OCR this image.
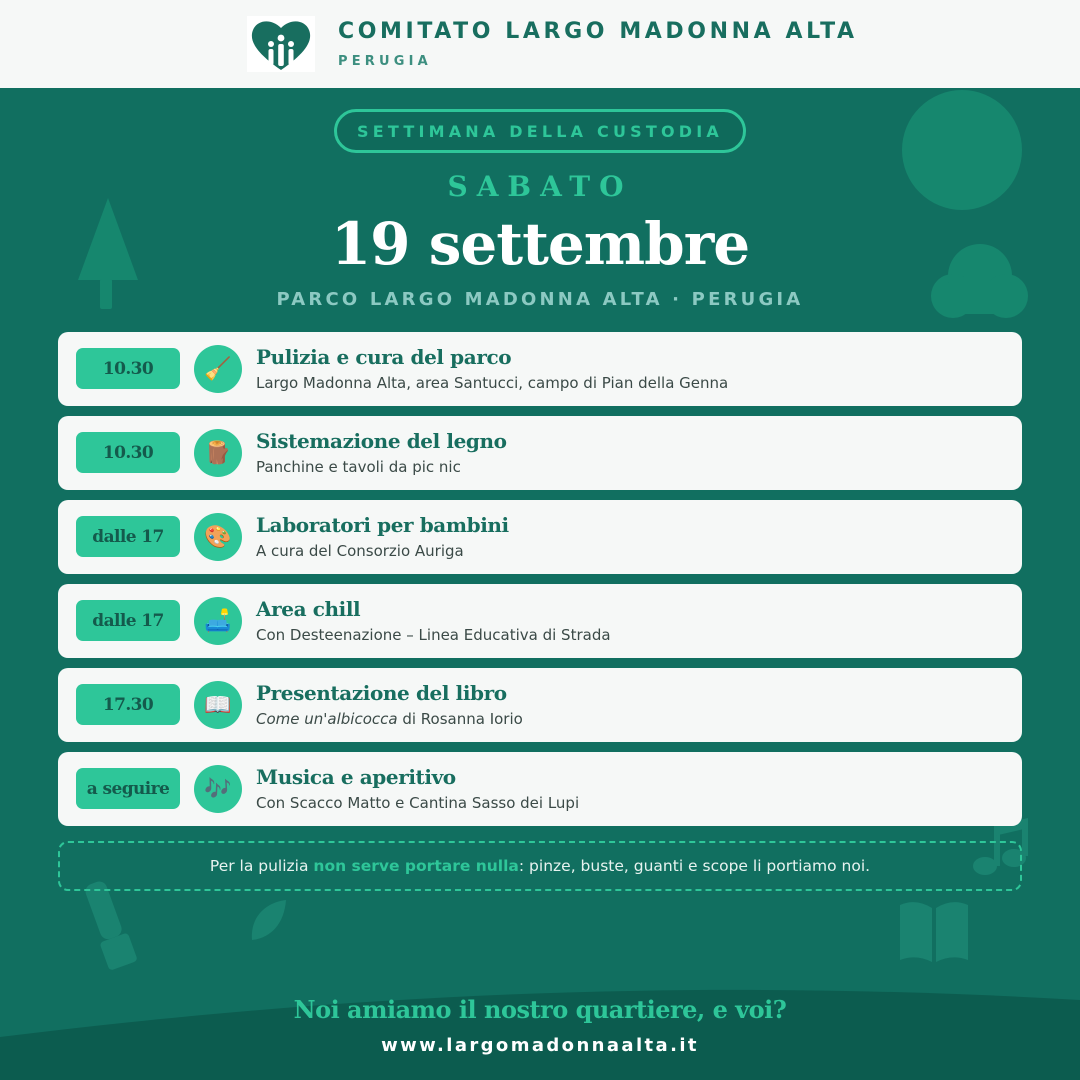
COMITATO LARGO MADONNA ALTA
PERUGIA
SETTIMANA DELLA CUSTODIA
SABATO
19 settembre
PARCO LARGO MADONNA ALTA · PERUGIA
10.30	🧹	Pulizia e cura del parco
Largo Madonna Alta, area Santucci, campo di Pian della Genna
10.30	🪵	Sistemazione del legno
Panchine e tavoli da pic nic
dalle 17	🎨	Laboratori per bambini
A cura del Consorzio Auriga
dalle 17	🛋️	Area chill
Con Desteenazione – Linea Educativa di Strada
17.30	📖	Presentazione del libro
Come un'albicocca di Rosanna Iorio
a seguire	🎶	Musica e aperitivo
Con Scacco Matto e Cantina Sasso dei Lupi
Per la pulizia non serve portare nulla : pinze, buste, guanti e scope li portiamo noi.
Noi amiamo il nostro quartiere, e voi?
www.largomadonnaalta.it
